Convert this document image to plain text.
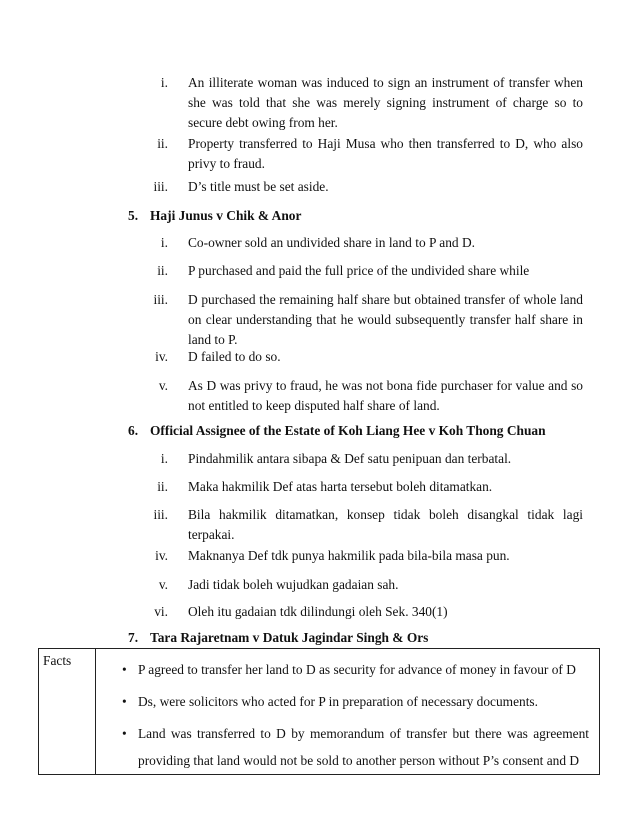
i. An illiterate woman was induced to sign an instrument of transfer when she was told that she was merely signing instrument of charge so to secure debt owing from her.
ii. Property transferred to Haji Musa who then transferred to D, who also privy to fraud.
iii. D’s title must be set aside.
5. Haji Junus v Chik & Anor
i. Co-owner sold an undivided share in land to P and D.
ii. P purchased and paid the full price of the undivided share while
iii. D purchased the remaining half share but obtained transfer of whole land on clear understanding that he would subsequently transfer half share in land to P.
iv. D failed to do so.
v. As D was privy to fraud, he was not bona fide purchaser for value and so not entitled to keep disputed half share of land.
6. Official Assignee of the Estate of Koh Liang Hee v Koh Thong Chuan
i. Pindahmilik antara sibapa & Def satu penipuan dan terbatal.
ii. Maka hakmilik Def atas harta tersebut boleh ditamatkan.
iii. Bila hakmilik ditamatkan, konsep tidak boleh disangkal tidak lagi terpakai.
iv. Maknanya Def tdk punya hakmilik pada bila-bila masa pun.
v. Jadi tidak boleh wujudkan gadaian sah.
vi. Oleh itu gadaian tdk dilindungi oleh Sek. 340(1)
7. Tara Rajaretnam v Datuk Jagindar Singh & Ors
Facts	
• P agreed to transfer her land to D as security for advance of money in favour of D
• Ds, were solicitors who acted for P in preparation of necessary documents.
• Land was transferred to D by memorandum of transfer but there was agreement providing that land would not be sold to another person without P’s consent and D
